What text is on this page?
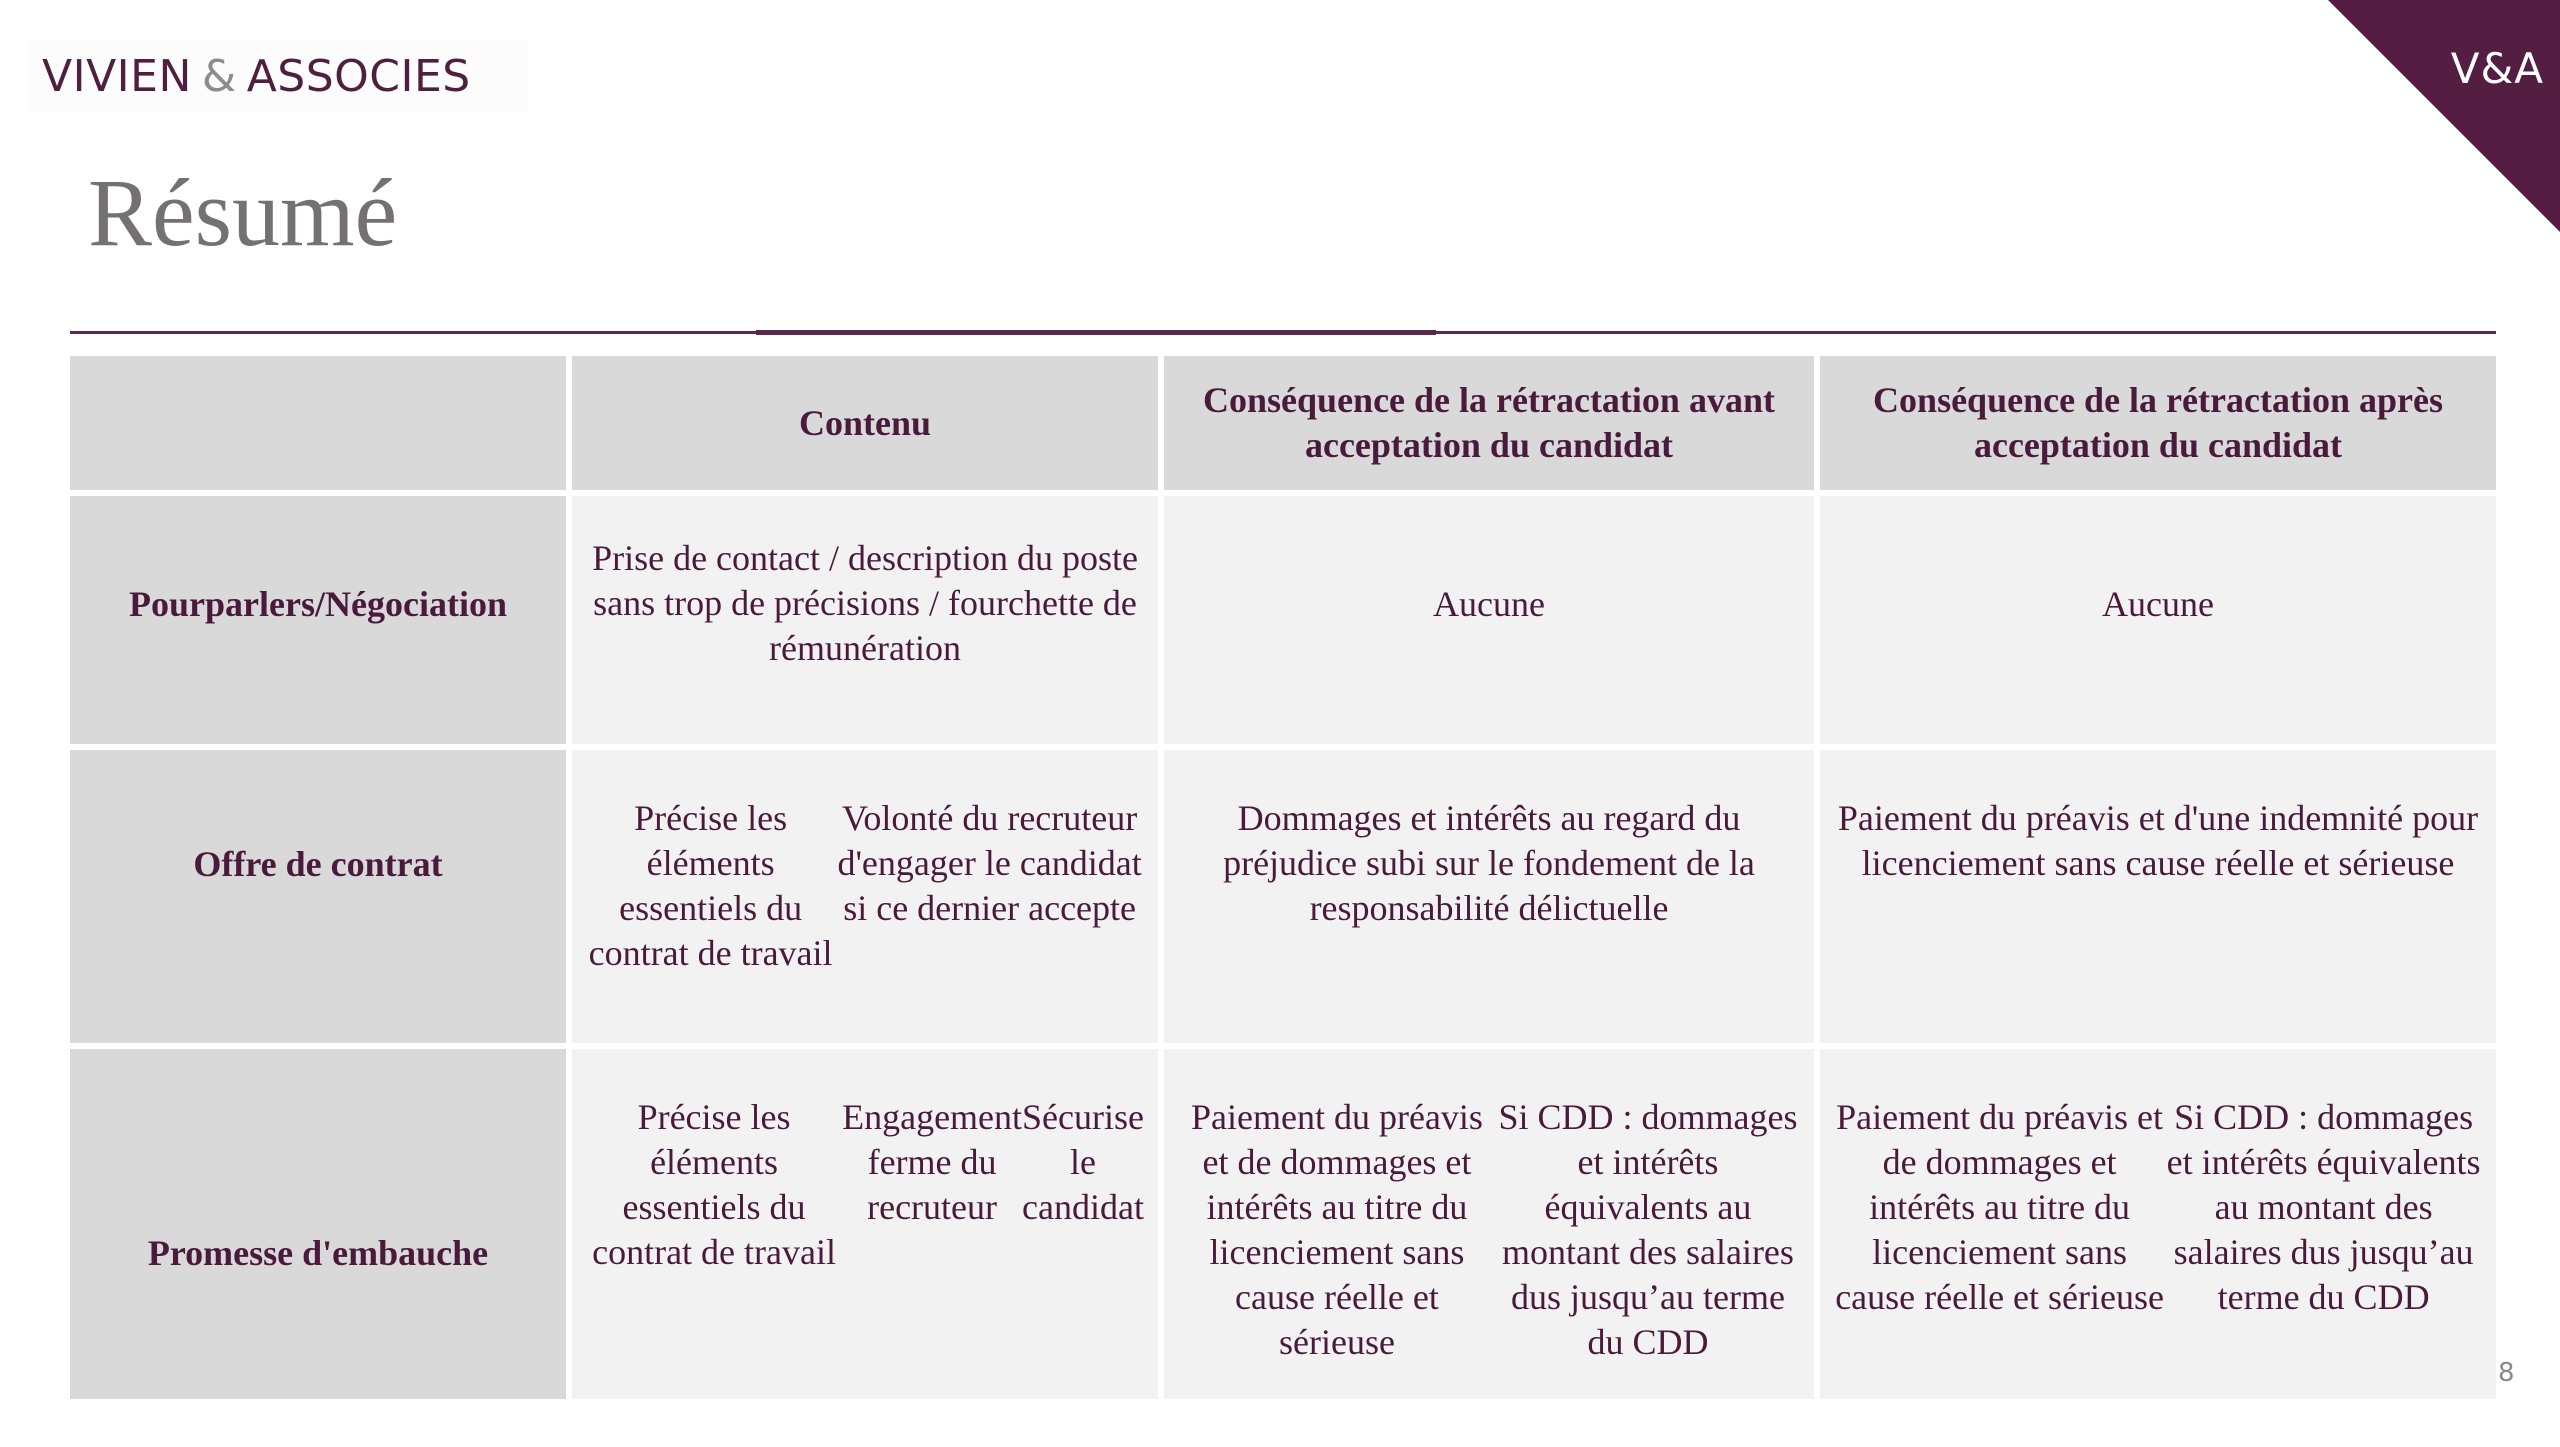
VIVIEN & ASSOCIES	V&A
Résumé
Contenu
Conséquence de la rétractation avant acceptation du candidat
Conséquence de la rétractation après acceptation du candidat
Pourparlers/Négociation
Prise de contact / description du poste sans trop de précisions / fourchette de rémunération
Aucune	Aucune
Offre de contrat
Précise les éléments essentiels du contrat de travail
Volonté du recruteur d'engager le candidat si ce dernier accepte
Dommages et intérêts au regard du préjudice subi sur le fondement de la responsabilité délictuelle
Paiement du préavis et d'une indemnité pour licenciement sans cause réelle et sérieuse
Promesse d'embauche
Précise les éléments essentiels du contrat de travail
Engagement ferme du recruteur
Sécurise le candidat
Paiement du préavis et de dommages et intérêts au titre du licenciement sans cause réelle et sérieuse
Si CDD : dommages et intérêts équivalents au montant des salaires dus jusqu’au terme du CDD
Paiement du préavis et de dommages et intérêts au titre du licenciement sans cause réelle et sérieuse
Si CDD : dommages et intérêts équivalents au montant des salaires dus jusqu’au terme du CDD
8
